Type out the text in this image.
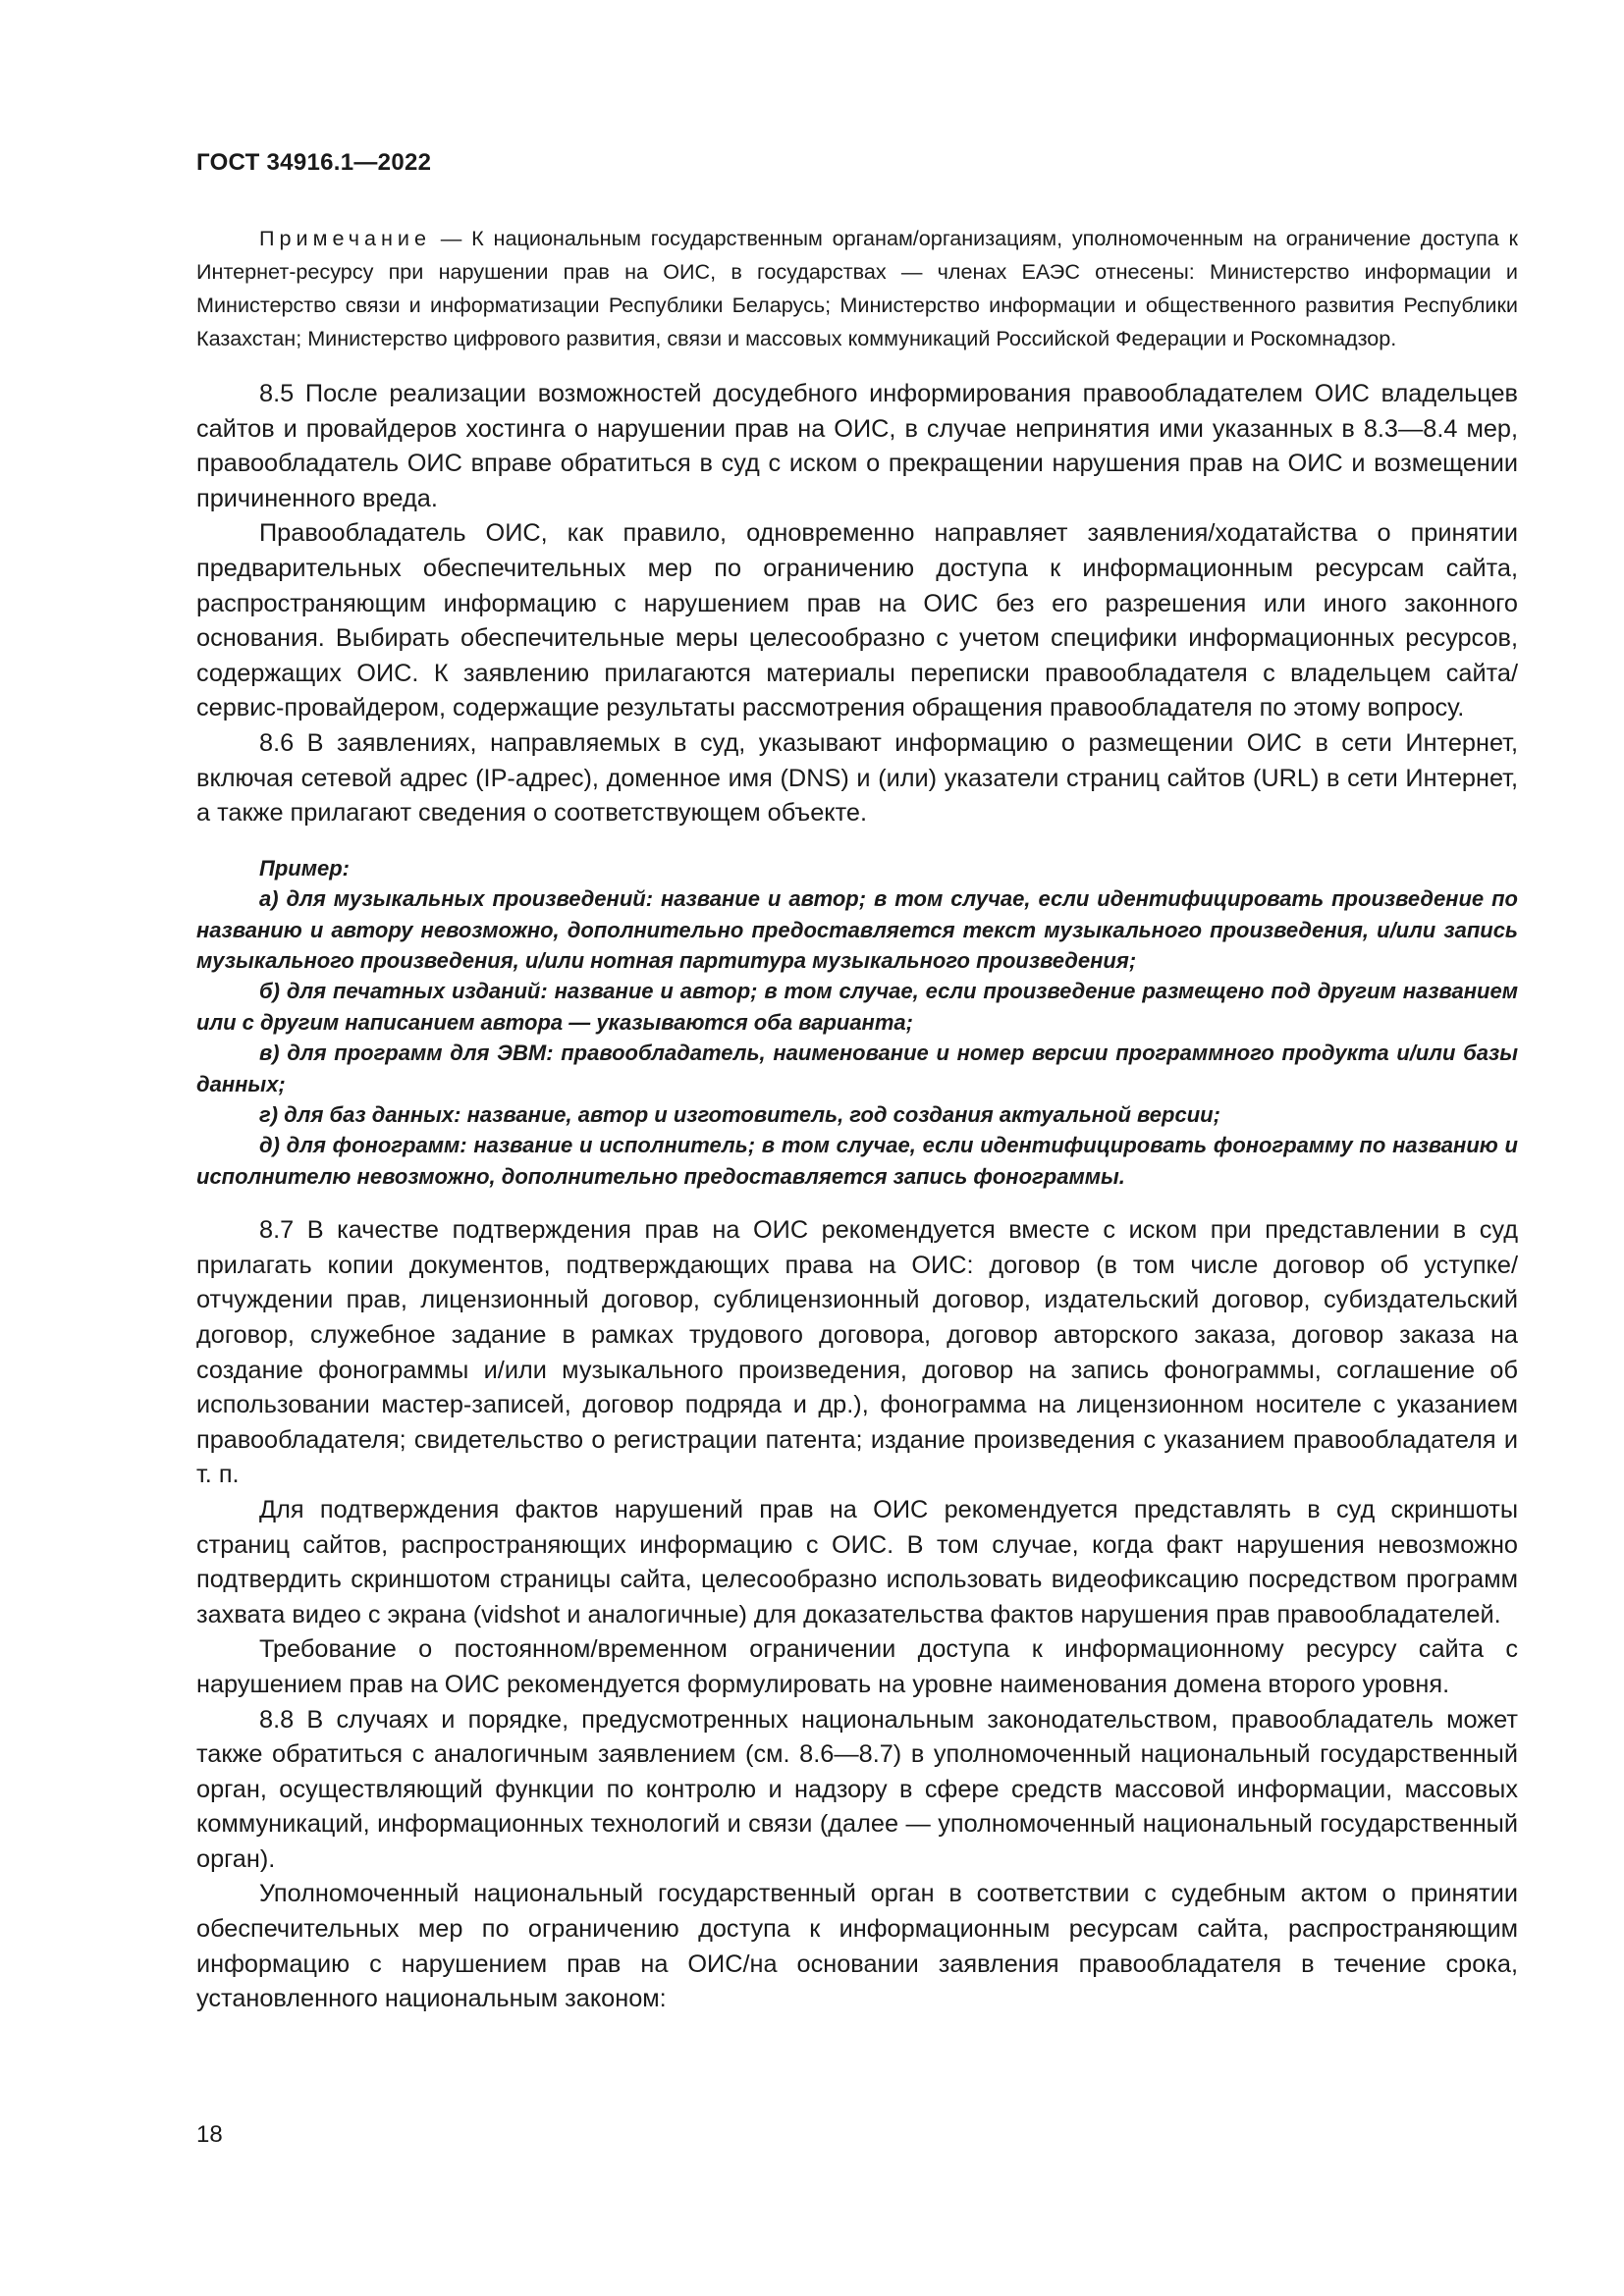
ГОСТ 34916.1—2022
Примечание — К национальным государственным органам/организациям, уполномоченным на ограничение доступа к Интернет-ресурсу при нарушении прав на ОИС, в государствах — членах ЕАЭС отнесены: Министерство информации и Министерство связи и информатизации Республики Беларусь; Министерство информации и общественного развития Республики Казахстан; Министерство цифрового развития, связи и массовых коммуникаций Российской Федерации и Роскомнадзор.

8.5 После реализации возможностей досудебного информирования правообладателем ОИС владельцев сайтов и провайдеров хостинга о нарушении прав на ОИС, в случае непринятия ими указанных в 8.3—8.4 мер, правообладатель ОИС вправе обратиться в суд с иском о прекращении нарушения прав на ОИС и возмещении причиненного вреда.

Правообладатель ОИС, как правило, одновременно направляет заявления/ходатайства о принятии предварительных обеспечительных мер по ограничению доступа к информационным ресурсам сайта, распространяющим информацию с нарушением прав на ОИС без его разрешения или иного законного основания. Выбирать обеспечительные меры целесообразно с учетом специфики информационных ресурсов, содержащих ОИС. К заявлению прилагаются материалы переписки правообладателя с владельцем сайта/сервис-провайдером, содержащие результаты рассмотрения обращения правообладателя по этому вопросу.

8.6 В заявлениях, направляемых в суд, указывают информацию о размещении ОИС в сети Интернет, включая сетевой адрес (IP-адрес), доменное имя (DNS) и (или) указатели страниц сайтов (URL) в сети Интернет, а также прилагают сведения о соответствующем объекте.

Пример:

а) для музыкальных произведений: название и автор; в том случае, если идентифицировать произведение по названию и автору невозможно, дополнительно предоставляется текст музыкального произведения, и/или запись музыкального произведения, и/или нотная партитура музыкального произведения;

б) для печатных изданий: название и автор; в том случае, если произведение размещено под другим названием или с другим написанием автора — указываются оба варианта;

в) для программ для ЭВМ: правообладатель, наименование и номер версии программного продукта и/или базы данных;

г) для баз данных: название, автор и изготовитель, год создания актуальной версии;

д) для фонограмм: название и исполнитель; в том случае, если идентифицировать фонограмму по названию и исполнителю невозможно, дополнительно предоставляется запись фонограммы.

8.7 В качестве подтверждения прав на ОИС рекомендуется вместе с иском при представлении в суд прилагать копии документов, подтверждающих права на ОИС: договор (в том числе договор об уступке/отчуждении прав, лицензионный договор, сублицензионный договор, издательский договор, субиздательский договор, служебное задание в рамках трудового договора, договор авторского заказа, договор заказа на создание фонограммы и/или музыкального произведения, договор на запись фонограммы, соглашение об использовании мастер-записей, договор подряда и др.), фонограмма на лицензионном носителе с указанием правообладателя; свидетельство о регистрации патента; издание произведения с указанием правообладателя и т. п.

Для подтверждения фактов нарушений прав на ОИС рекомендуется представлять в суд скриншоты страниц сайтов, распространяющих информацию с ОИС. В том случае, когда факт нарушения невозможно подтвердить скриншотом страницы сайта, целесообразно использовать видеофиксацию посредством программ захвата видео с экрана (vidshot и аналогичные) для доказательства фактов нарушения прав правообладателей.

Требование о постоянном/временном ограничении доступа к информационному ресурсу сайта с нарушением прав на ОИС рекомендуется формулировать на уровне наименования домена второго уровня.

8.8 В случаях и порядке, предусмотренных национальным законодательством, правообладатель может также обратиться с аналогичным заявлением (см. 8.6—8.7) в уполномоченный национальный государственный орган, осуществляющий функции по контролю и надзору в сфере средств массовой информации, массовых коммуникаций, информационных технологий и связи (далее — уполномоченный национальный государственный орган).

Уполномоченный национальный государственный орган в соответствии с судебным актом о принятии обеспечительных мер по ограничению доступа к информационным ресурсам сайта, распространяющим информацию с нарушением прав на ОИС/на основании заявления правообладателя в течение срока, установленного национальным законом:

18
